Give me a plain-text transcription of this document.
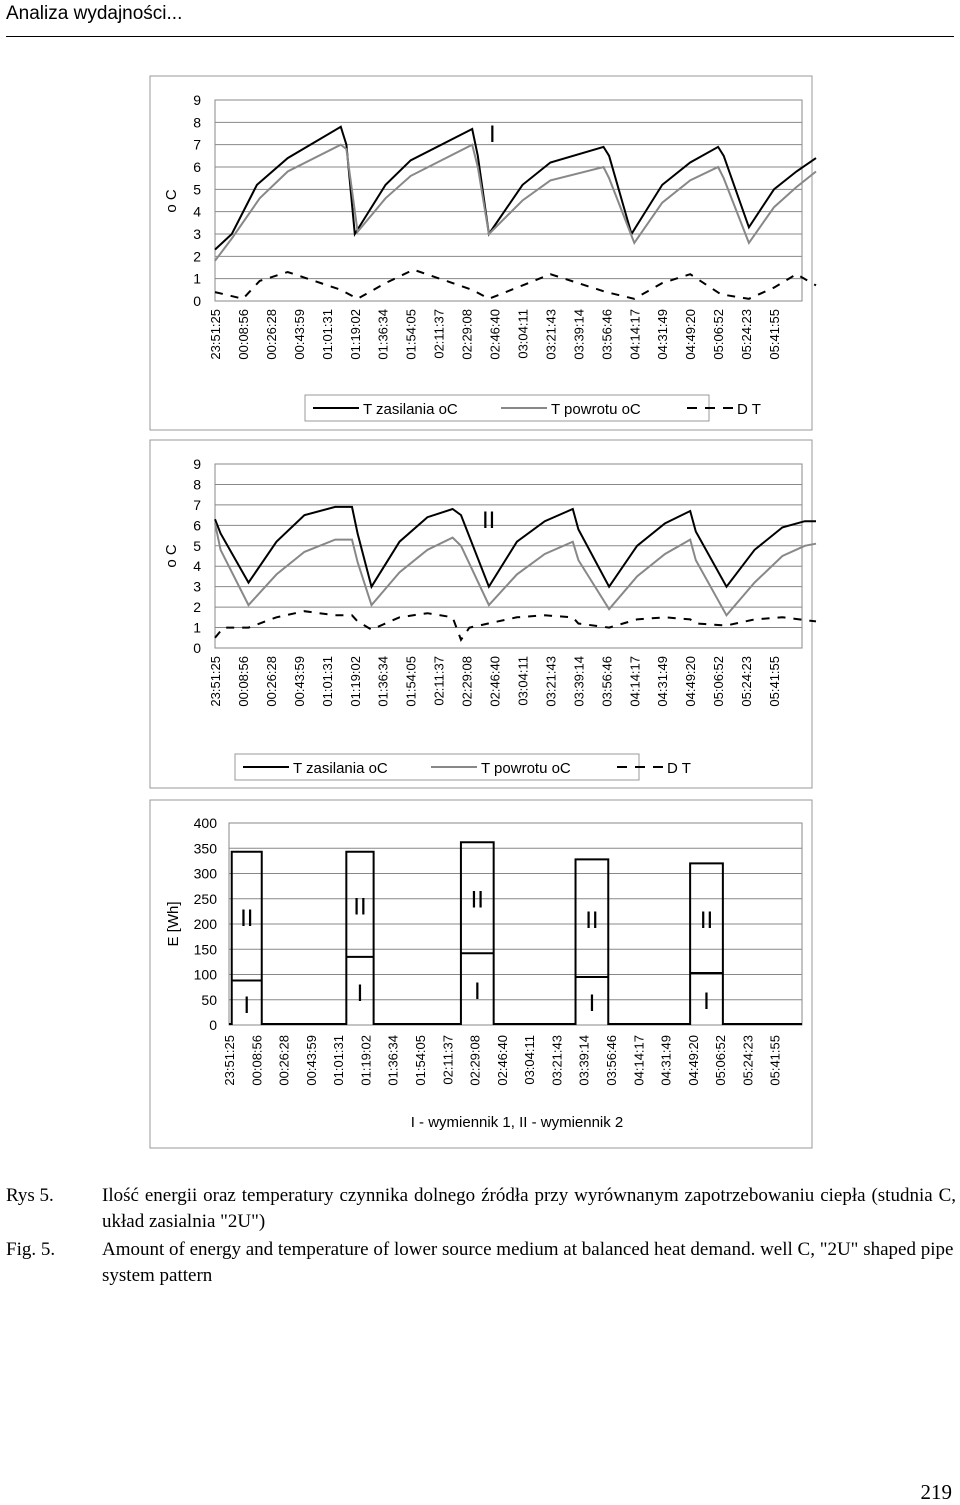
Analiza wydajności...
9
8
7
6
5
4
3
2
1
0
23:51:25 00:08:56 00:26:28 00:43:59 01:01:31 01:19:02 01:36:34 01:54:05 02:11:37 02:29:08 02:46:40 03:04:11 03:21:43 03:39:14 03:56:46 04:14:17 04:31:49 04:49:20 05:06:52 05:24:23 05:41:55
o C
I
T zasilania oC	T powrotu oC	D T
9
8
7
6
5
4
3
2
1
0
23:51:25 00:08:56 00:26:28 00:43:59 01:01:31 01:19:02 01:36:34 01:54:05 02:11:37 02:29:08 02:46:40 03:04:11 03:21:43 03:39:14 03:56:46 04:14:17 04:31:49 04:49:20 05:06:52 05:24:23 05:41:55
o C
II
T zasilania oC	T powrotu oC	D T
400
350
300
250
200
150
100
50
0
23:51:25 00:08:56 00:26:28 00:43:59 01:01:31 01:19:02 01:36:34 01:54:05 02:11:37 02:29:08 02:46:40 03:04:11 03:21:43 03:39:14 03:56:46 04:14:17 04:31:49 04:49:20 05:06:52 05:24:23 05:41:55
E [Wh] II
I
II
I
II
I
II
I
II
I
I - wymiennik 1, II - wymiennik 2
Rys 5.	Ilość energii oraz temperatury czynnika dolnego źródła przy wyrównanym zapotrzebowaniu ciepła (studnia C, układ zasialnia "2U")
Fig. 5. Amount of energy and temperature of lower source medium at balanced heat demand. well C, "2U" shaped pipe system pattern
219
